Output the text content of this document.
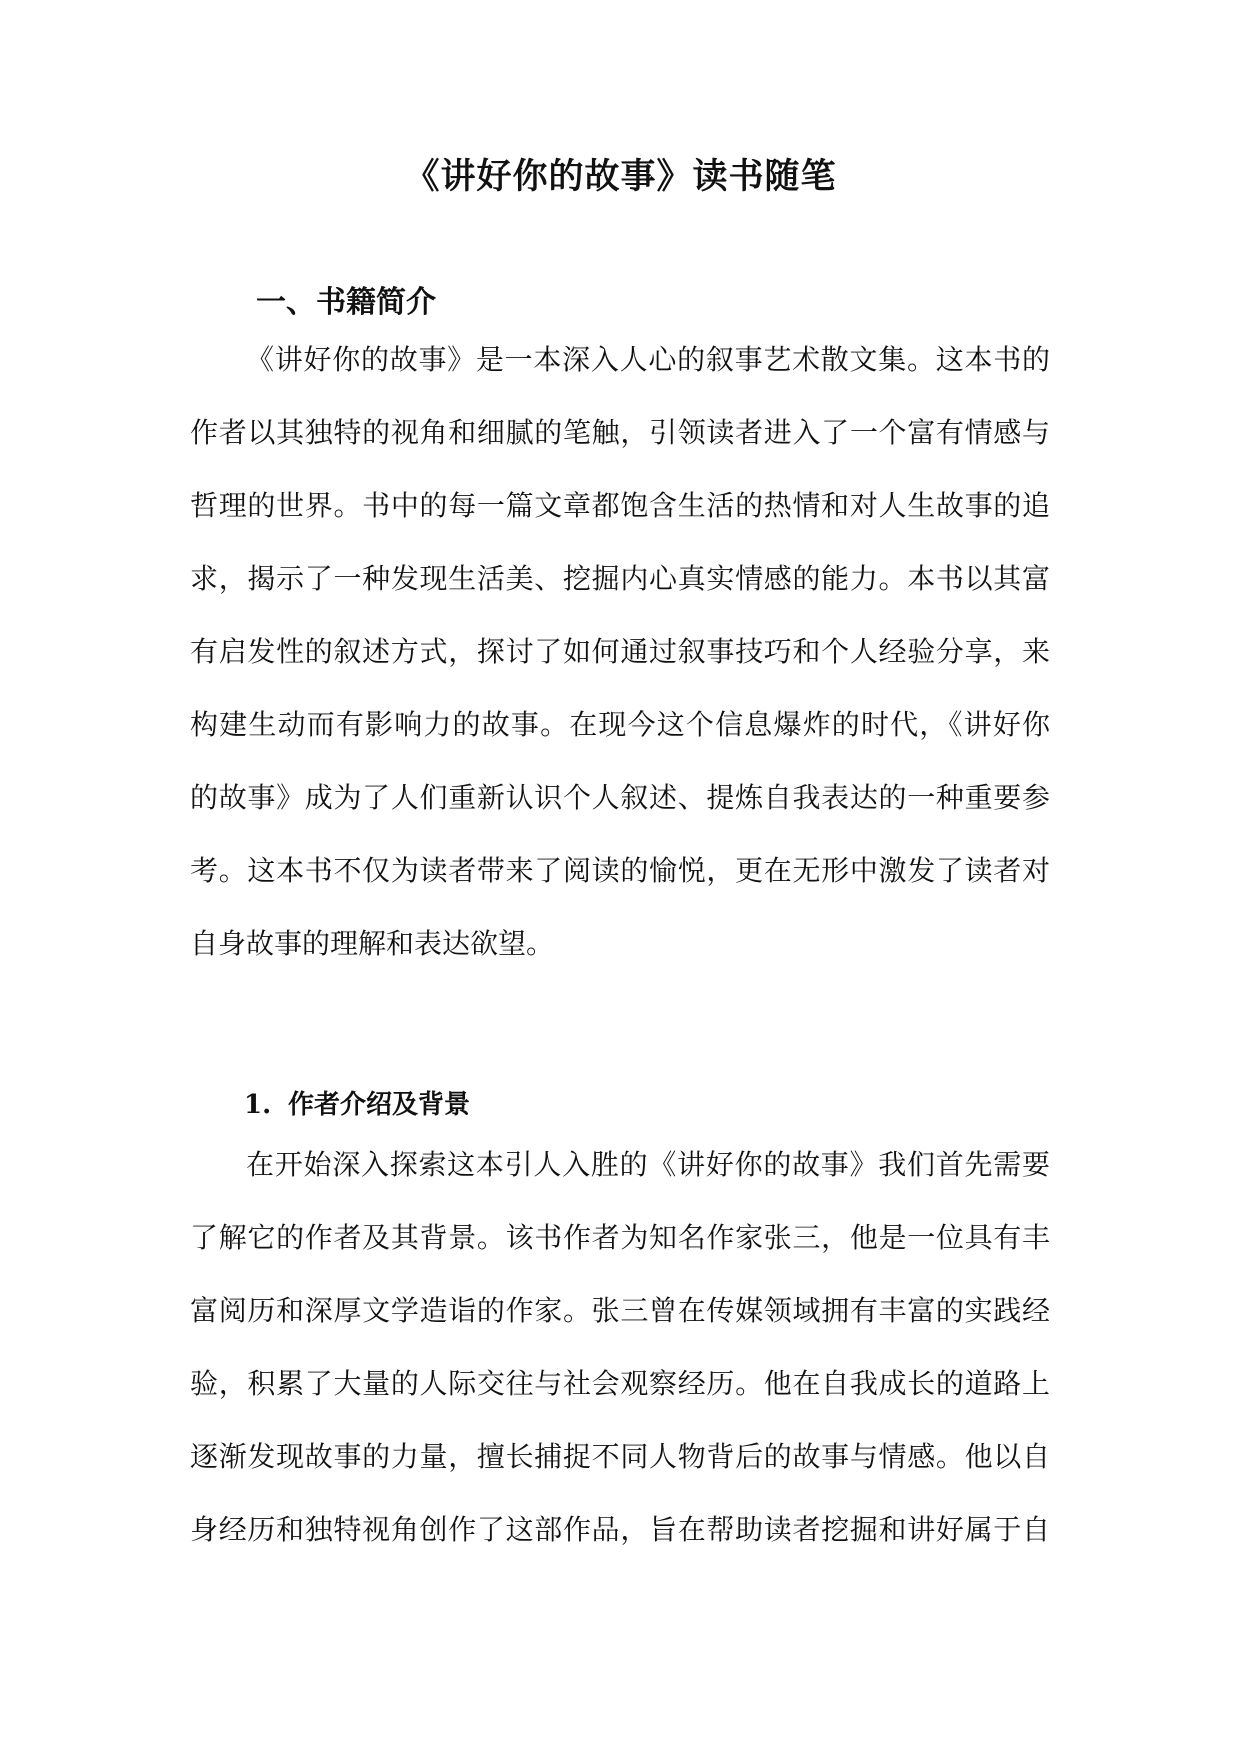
《讲好你的故事》读书随笔
一、书籍简介
《讲好你的故事》是一本深入人心的叙事艺术散文集。这本书的
作者以其独特的视角和细腻的笔触，引领读者进入了一个富有情感与
哲理的世界。书中的每一篇文章都饱含生活的热情和对人生故事的追
求，揭示了一种发现生活美、挖掘内心真实情感的能力。本书以其富
有启发性的叙述方式，探讨了如何通过叙事技巧和个人经验分享，来
构建生动而有影响力的故事。在现今这个信息爆炸的时代，《讲好你
的故事》成为了人们重新认识个人叙述、提炼自我表达的一种重要参
考。这本书不仅为读者带来了阅读的愉悦，更在无形中激发了读者对
自身故事的理解和表达欲望。
1. 作者介绍及背景
在开始深入探索这本引人入胜的《讲好你的故事》我们首先需要
了解它的作者及其背景。该书作者为知名作家张三，他是一位具有丰
富阅历和深厚文学造诣的作家。张三曾在传媒领域拥有丰富的实践经
验，积累了大量的人际交往与社会观察经历。他在自我成长的道路上
逐渐发现故事的力量，擅长捕捉不同人物背后的故事与情感。他以自
身经历和独特视角创作了这部作品，旨在帮助读者挖掘和讲好属于自
